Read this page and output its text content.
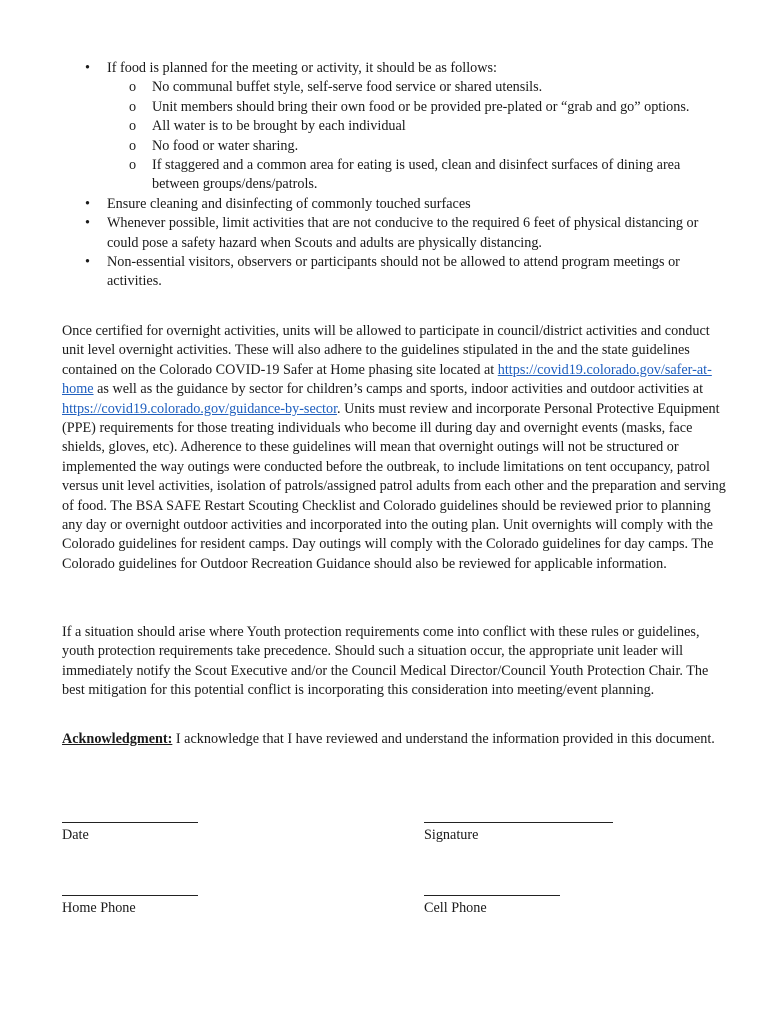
• If food is planned for the meeting or activity, it should be as follows:
o No communal buffet style, self-serve food service or shared utensils.
o Unit members should bring their own food or be provided pre-plated or “grab and go” options.
o All water is to be brought by each individual
o No food or water sharing.
o If staggered and a common area for eating is used, clean and disinfect surfaces of dining area between groups/dens/patrols.
• Ensure cleaning and disinfecting of commonly touched surfaces
• Whenever possible, limit activities that are not conducive to the required 6 feet of physical distancing or could pose a safety hazard when Scouts and adults are physically distancing.
• Non-essential visitors, observers or participants should not be allowed to attend program meetings or activities.

Once certified for overnight activities, units will be allowed to participate in council/district activities and conduct unit level overnight activities. These will also adhere to the guidelines stipulated in the and the state guidelines contained on the Colorado COVID-19 Safer at Home phasing site located at https://covid19.colorado.gov/safer-at-home as well as the guidance by sector for children’s camps and sports, indoor activities and outdoor activities at https://covid19.colorado.gov/guidance-by-sector. Units must review and incorporate Personal Protective Equipment (PPE) requirements for those treating individuals who become ill during day and overnight events (masks, face shields, gloves, etc). Adherence to these guidelines will mean that overnight outings will not be structured or implemented the way outings were conducted before the outbreak, to include limitations on tent occupancy, patrol versus unit level activities, isolation of patrols/assigned patrol adults from each other and the preparation and serving of food. The BSA SAFE Restart Scouting Checklist and Colorado guidelines should be reviewed prior to planning any day or overnight outdoor activities and incorporated into the outing plan. Unit overnights will comply with the Colorado guidelines for resident camps. Day outings will comply with the Colorado guidelines for day camps. The Colorado guidelines for Outdoor Recreation Guidance should also be reviewed for applicable information.

If a situation should arise where Youth protection requirements come into conflict with these rules or guidelines, youth protection requirements take precedence. Should such a situation occur, the appropriate unit leader will immediately notify the Scout Executive and/or the Council Medical Director/Council Youth Protection Chair. The best mitigation for this potential conflict is incorporating this consideration into meeting/event planning.

Acknowledgment: I acknowledge that I have reviewed and understand the information provided in this document.

Date	Signature
Home Phone	Cell Phone
